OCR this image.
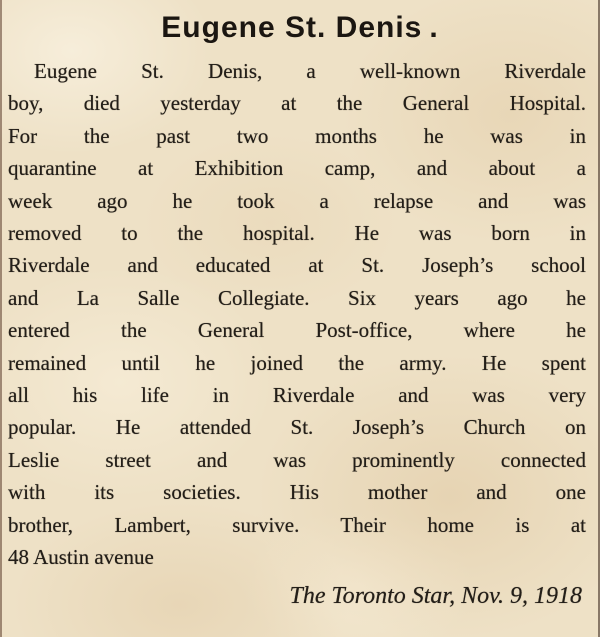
Eugene St. Denis .
Eugene St. Denis, a well-known Riverdale
boy, died yesterday at the General Hospital.
For the past two months he was in
quarantine at Exhibition camp, and about a
week ago he took a relapse and was
removed to the hospital. He was born in
Riverdale and educated at St. Joseph’s school
and La Salle Collegiate. Six years ago he
entered the General Post-office, where he
remained until he joined the army. He spent
all his life in Riverdale and was very
popular. He attended St. Joseph’s Church on
Leslie street and was prominently connected
with its societies. His mother and one
brother, Lambert, survive. Their home is at
48 Austin avenue
The Toronto Star, Nov. 9, 1918
